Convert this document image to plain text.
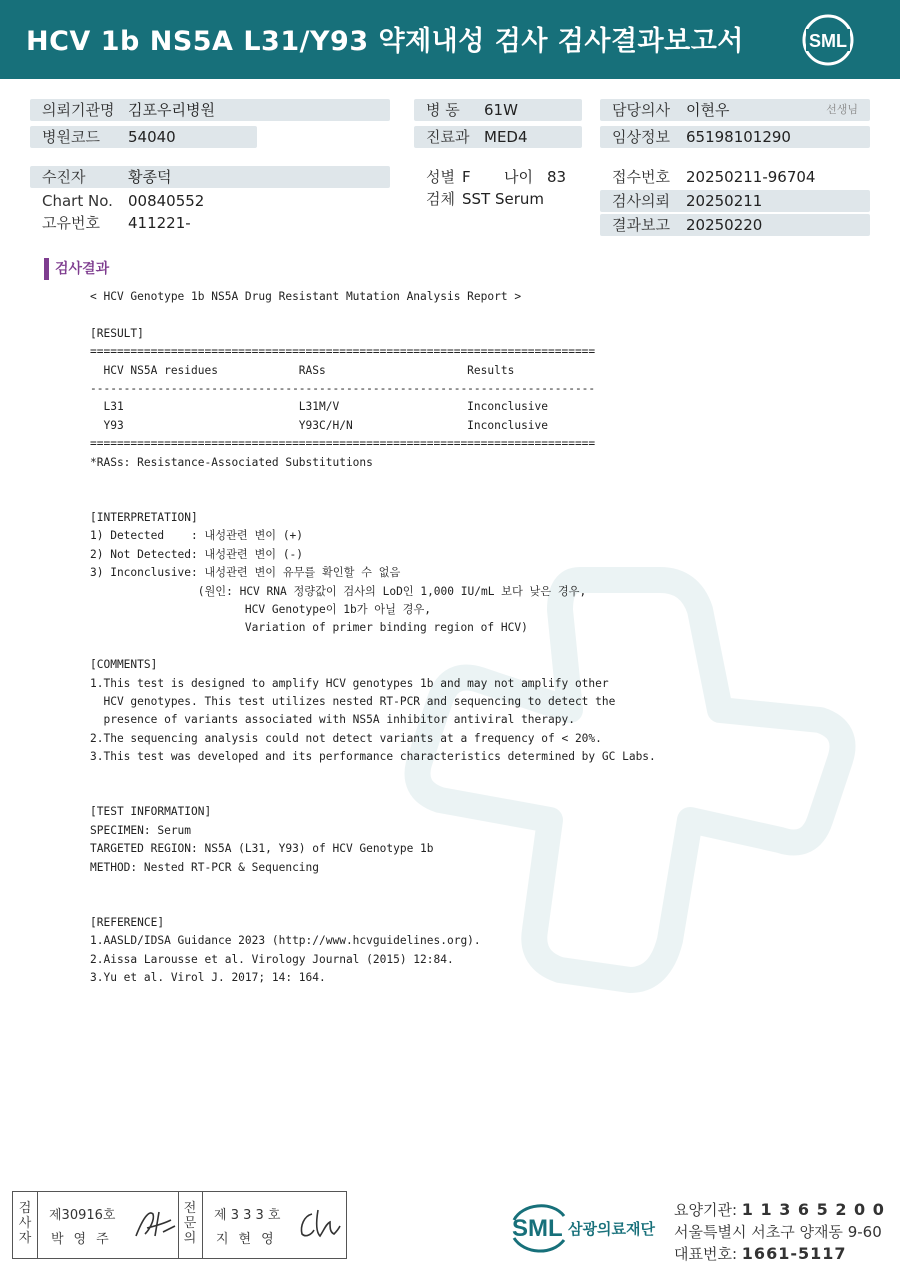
HCV 1b NS5A L31/Y93 약제내성 검사 검사결과보고서	SML
의뢰기관명 김포우리병원
병원코드 54040
병 동 61W
진료과 MED4
담당의사 이현우	선생님
임상정보 65198101290
수진자	황종덕
Chart No. 00840552
고유번호 411221-
성별 F 나이 83
검체 SST Serum
접수번호 20250211-96704
검사의뢰 20250211
결과보고 20250220
검사결과
< HCV Genotype 1b NS5A Drug Resistant Mutation Analysis Report >

[RESULT]
===========================================================================
HCV NS5A residues            RASs                     Results
---------------------------------------------------------------------------
L31                          L31M/V                   Inconclusive
Y93                          Y93C/H/N                 Inconclusive
===========================================================================
*RASs: Resistance-Associated Substitutions

[INTERPRETATION]
1) Detected    : 내성관련 변이 (+)
2) Not Detected: 내성관련 변이 (-)
3) Inconclusive: 내성관련 변이 유무를 확인할 수 없음
(원인: HCV RNA 정량값이 검사의 LoD인 1,000 IU/mL 보다 낮은 경우,
HCV Genotype이 1b가 아닐 경우,
Variation of primer binding region of HCV)

[COMMENTS]
1.This test is designed to amplify HCV genotypes 1b and may not amplify other
HCV genotypes. This test utilizes nested RT-PCR and sequencing to detect the
presence of variants associated with NS5A inhibitor antiviral therapy.
2.The sequencing analysis could not detect variants at a frequency of < 20%.
3.This test was developed and its performance characteristics determined by GC Labs.

[TEST INFORMATION]
SPECIMEN: Serum
TARGETED REGION: NS5A (L31, Y93) of HCV Genotype 1b
METHOD: Nested RT-PCR & Sequencing

[REFERENCE]
1.AASLD/IDSA Guidance 2023 (http://www.hcvguidelines.org).
2.Aissa Larousse et al. Virology Journal (2015) 12:84.
3.Yu et al. Virol J. 2017; 14: 164.
검사자
제30916호
박영주
전문의
제 3 3 3 호
지현영	SML 삼광의료재단
요양기관: 1 1 3 6 5 2 0 0
서울특별시 서초구 양재동 9-60
대표번호: 1661-5117
